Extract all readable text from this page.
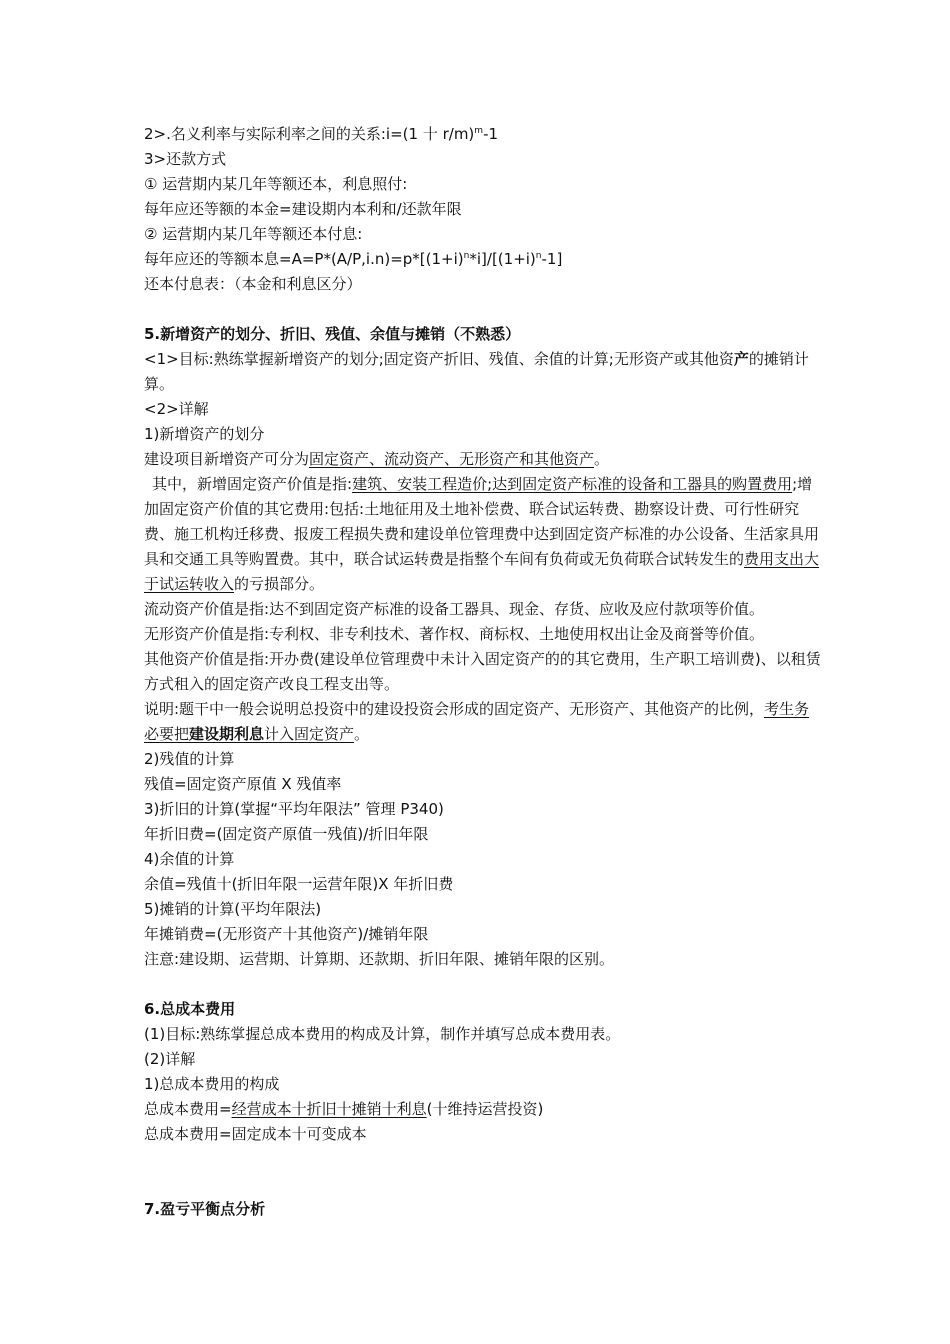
2>.名义利率与实际利率之间的关系:i=(1 十 r/m)$^m$-1
3>还款方式
① 运营期内某几年等额还本，利息照付:
每年应还等额的本金=建设期内本利和/还款年限
② 运营期内某几年等额还本付息:
每年应还的等额本息$=A=P*(A/P,i.n)=p*[(1+i)^n*i]/[(1+i)^n-1]$
还本付息表：（本金和利息区分）
5.新增资产的划分、折旧、残值、余值与摊销（不熟悉）
<1>目标:熟练掌握新增资产的划分;固定资产折旧、残值、余值的计算;无形资产或其他资产的摊销计算。
<2>详解
1)新增资产的划分
建设项目新增资产可分为固定资产、流动资产、无形资产和其他资产。
其中，新增固定资产价值是指:建筑、安装工程造价;达到固定资产标准的设备和工器具的购置费用;增加固定资产价值的其它费用:包括:土地征用及土地补偿费、联合试运转费、勘察设计费、可行性研究费、施工机构迁移费、报废工程损失费和建设单位管理费中达到固定资产标准的办公设备、生活家具用具和交通工具等购置费。其中，联合试运转费是指整个车间有负荷或无负荷联合试转发生的费用支出大于试运转收入的亏损部分。
流动资产价值是指:达不到固定资产标准的设备工器具、现金、存货、应收及应付款项等价值。
无形资产价值是指:专利权、非专利技术、著作权、商标权、土地使用权出让金及商誉等价值。
其他资产价值是指:开办费(建设单位管理费中未计入固定资产的的其它费用，生产职工培训费)、以租赁方式租入的固定资产改良工程支出等。
说明:题干中一般会说明总投资中的建设投资会形成的固定资产、无形资产、其他资产的比例，考生务必要把建设期利息计入固定资产。
2)残值的计算
残值=固定资产原值 X 残值率
3)折旧的计算(掌握“平均年限法” 管理 P340)
年折旧费=(固定资产原值一残值)/折旧年限
4)余值的计算
余值=残值十(折旧年限一运营年限)X 年折旧费
5)摊销的计算(平均年限法)
年摊销费=(无形资产十其他资产)/摊销年限
注意:建设期、运营期、计算期、还款期、折旧年限、摊销年限的区别。
6.总成本费用
(1)目标:熟练掌握总成本费用的构成及计算，制作并填写总成本费用表。
(2)详解
1)总成本费用的构成
总成本费用=经营成本十折旧十摊销十利息(十维持运营投资)
总成本费用=固定成本十可变成本
7.盈亏平衡点分析
